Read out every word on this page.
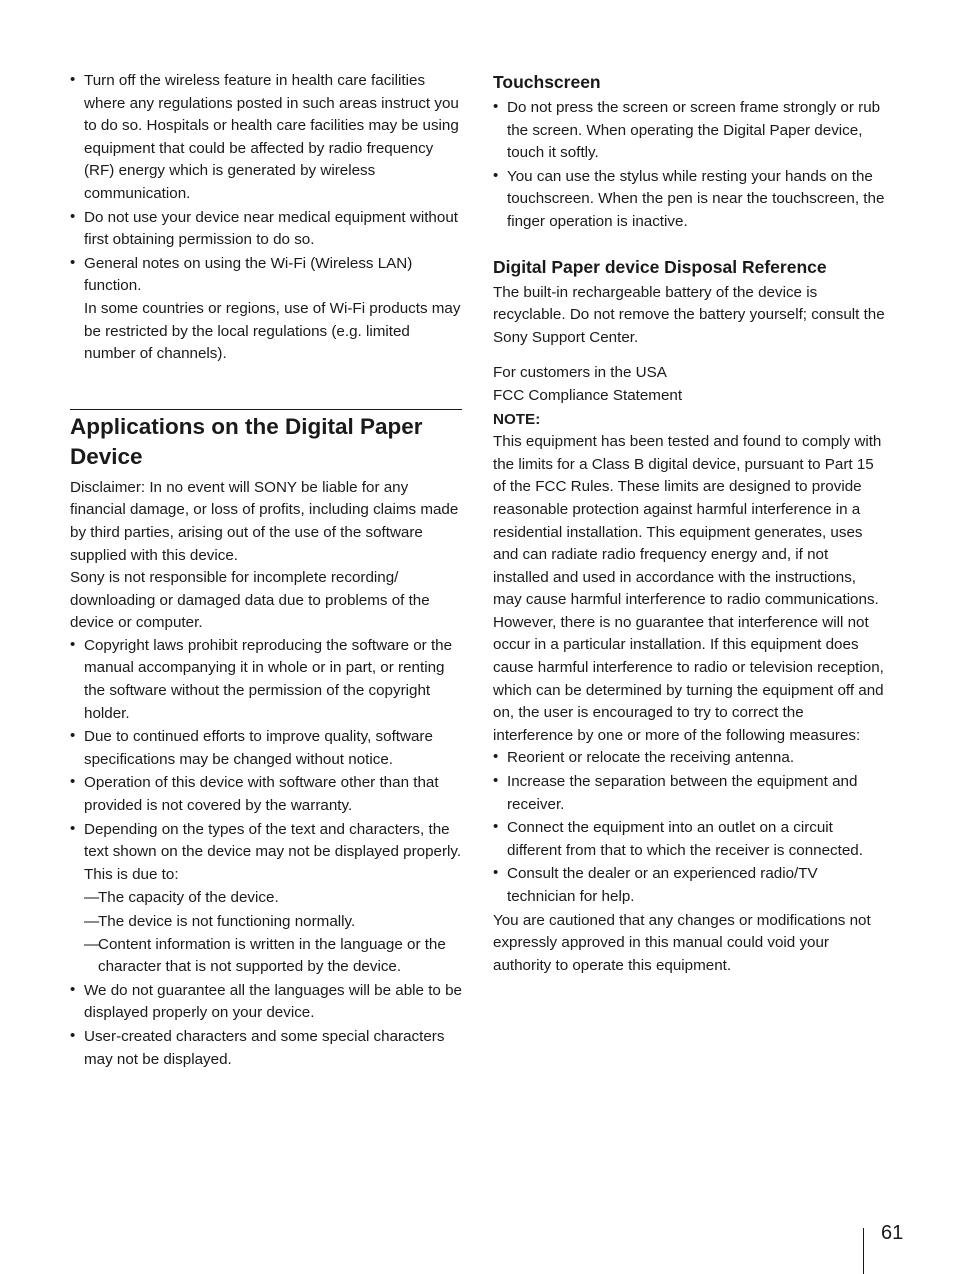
• Turn off the wireless feature in health care facilities where any regulations posted in such areas instruct you to do so. Hospitals or health care facilities may be using equipment that could be affected by radio frequency (RF) energy which is generated by wireless communication.
• Do not use your device near medical equipment without first obtaining permission to do so.
• General notes on using the Wi-Fi (Wireless LAN) function.
In some countries or regions, use of Wi-Fi products may be restricted by the local regulations (e.g. limited number of channels).
Applications on the Digital Paper Device

Disclaimer: In no event will SONY be liable for any financial damage, or loss of profits, including claims made by third parties, arising out of the use of the software supplied with this device.

Sony is not responsible for incomplete recording/ downloading or damaged data due to problems of the device or computer.

• Copyright laws prohibit reproducing the software or the manual accompanying it in whole or in part, or renting the software without the permission of the copyright holder.
• Due to continued efforts to improve quality, software specifications may be changed without notice.
• Operation of this device with software other than that provided is not covered by the warranty.
• Depending on the types of the text and characters, the text shown on the device may not be displayed properly. This is due to:
—The capacity of the device.
—The device is not functioning normally.
—Content information is written in the language or the character that is not supported by the device.
• We do not guarantee all the languages will be able to be displayed properly on your device.
• User-created characters and some special characters may not be displayed.
Touchscreen
• Do not press the screen or screen frame strongly or rub the screen. When operating the Digital Paper device, touch it softly.
• You can use the stylus while resting your hands on the touchscreen. When the pen is near the touchscreen, the finger operation is inactive.
Digital Paper device Disposal Reference

The built-in rechargeable battery of the device is recyclable. Do not remove the battery yourself; consult the Sony Support Center.

For customers in the USA
FCC Compliance Statement
NOTE:

This equipment has been tested and found to comply with the limits for a Class B digital device, pursuant to Part 15 of the FCC Rules. These limits are designed to provide reasonable protection against harmful interference in a residential installation. This equipment generates, uses and can radiate radio frequency energy and, if not installed and used in accordance with the instructions, may cause harmful interference to radio communications.

However, there is no guarantee that interference will not occur in a particular installation. If this equipment does cause harmful interference to radio or television reception, which can be determined by turning the equipment off and on, the user is encouraged to try to correct the interference by one or more of the following measures:

• Reorient or relocate the receiving antenna.
• Increase the separation between the equipment and receiver.
• Connect the equipment into an outlet on a circuit different from that to which the receiver is connected.
• Consult the dealer or an experienced radio/TV technician for help.

You are cautioned that any changes or modifications not expressly approved in this manual could void your authority to operate this equipment.

61
